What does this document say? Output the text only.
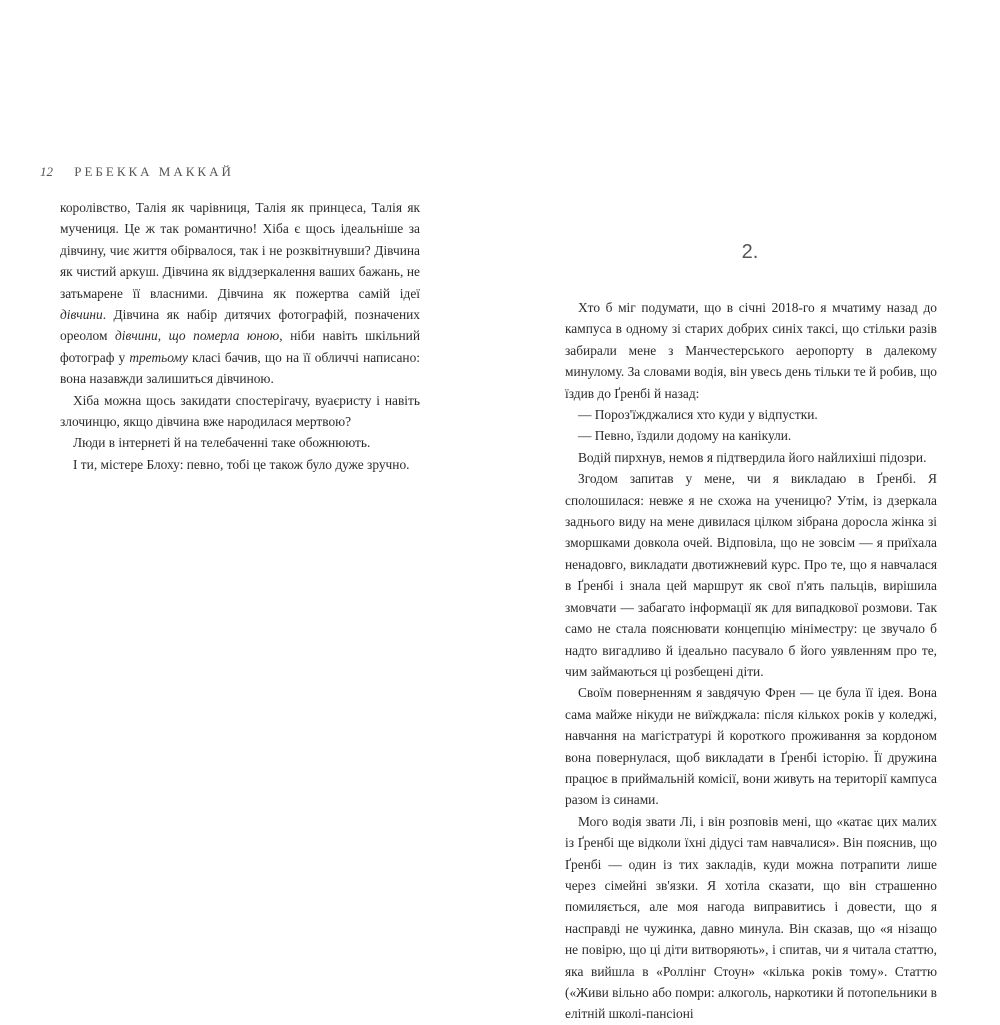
12 РЕБЕККА МАККАЙ

королівство, Талія як чарівниця, Талія як принцеса, Талія як мучениця. Це ж так романтично! Хіба є щось ідеальніше за дівчину, чиє життя обірвалося, так і не розквітнувши? Дівчина як чистий аркуш. Дівчина як віддзеркалення ваших бажань, не затьмарене її власними. Дівчина як пожертва самій ідеї дівчини. Дівчина як набір дитячих фотографій, позначених ореолом дівчини, що померла юною, ніби навіть шкільний фотограф у третьому класі бачив, що на її обличчі написано: вона назавжди залишиться дівчиною.

Хіба можна щось закидати спостерігачу, вуаєристу і навіть злочинцю, якщо дівчина вже народилася мертвою?

Люди в інтернеті й на телебаченні таке обожнюють.

І ти, містере Блоху: певно, тобі це також було дуже зручно.

2.

Хто б міг подумати, що в січні 2018-го я мчатиму назад до кампуса в одному зі старих добрих синіх таксі, що стільки разів забирали мене з Манчестерського аеропорту в далекому минулому. За словами водія, він увесь день тільки те й робив, що їздив до Ґренбі й назад:

— Пороз'їжджалися хто куди у відпустки.

— Певно, їздили додому на канікули.

Водій пирхнув, немов я підтвердила його найлихіші підозри.

Згодом запитав у мене, чи я викладаю в Ґренбі. Я сполошилася: невже я не схожа на ученицю? Утім, із дзеркала заднього виду на мене дивилася цілком зібрана доросла жінка зі зморшками довкола очей. Відповіла, що не зовсім — я приїхала ненадовго, викладати двотижневий курс. Про те, що я навчалася в Ґренбі і знала цей маршрут як свої п'ять пальців, вирішила змовчати — забагато інформації як для випадкової розмови. Так само не стала пояснювати концепцію мініместру: це звучало б надто вигадливо й ідеально пасувало б його уявленням про те, чим займаються ці розбещені діти.

Своїм поверненням я завдячую Френ — це була її ідея. Вона сама майже нікуди не виїжджала: після кількох років у коледжі, навчання на магістратурі й короткого проживання за кордоном вона повернулася, щоб викладати в Ґренбі історію. Її дружина працює в приймальній комісії, вони живуть на території кампуса разом із синами.

Мого водія звати Лі, і він розповів мені, що «катає цих малих із Ґренбі ще відколи їхні дідусі там навчалися». Він пояснив, що Ґренбі — один із тих закладів, куди можна потрапити лише через сімейні зв'язки. Я хотіла сказати, що він страшенно помиляється, але моя нагода виправитись і довести, що я насправді не чужинка, давно минула. Він сказав, що «я нізащо не повірю, що ці діти витворяють», і спитав, чи я читала статтю, яка вийшла в «Роллінг Стоун» «кілька років тому». Статтю («Живи вільно або помри: алкоголь, наркотики й потопельники в елітній школі-пансіоні
